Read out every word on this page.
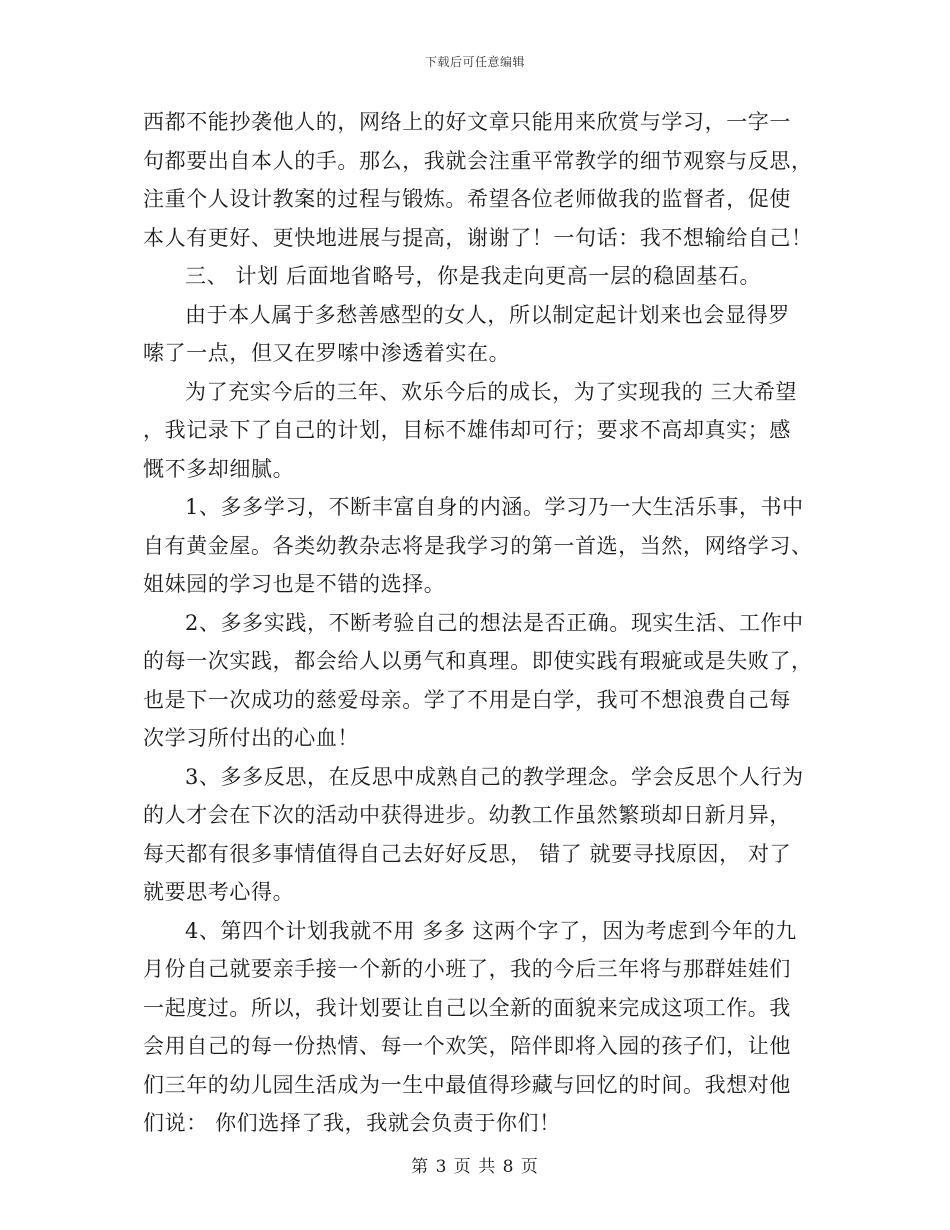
下载后可任意编辑
西都不能抄袭他人的，网络上的好文章只能用来欣赏与学习，一字一
句都要出自本人的手。那么，我就会注重平常教学的细节观察与反思，
注重个人设计教案的过程与锻炼。希望各位老师做我的监督者，促使
本人有更好、更快地进展与提高，谢谢了！一句话：我不想输给自己！
三、 计划 后面地省略号，你是我走向更高一层的稳固基石。
由于本人属于多愁善感型的女人，所以制定起计划来也会显得罗
嗦了一点，但又在罗嗦中渗透着实在。
为了充实今后的三年、欢乐今后的成长，为了实现我的 三大希望
，我记录下了自己的计划，目标不雄伟却可行；要求不高却真实；感
慨不多却细腻。
1、多多学习，不断丰富自身的内涵。学习乃一大生活乐事，书中
自有黄金屋。各类幼教杂志将是我学习的第一首选，当然，网络学习、
姐妹园的学习也是不错的选择。
2、多多实践，不断考验自己的想法是否正确。现实生活、工作中
的每一次实践，都会给人以勇气和真理。即使实践有瑕疵或是失败了，
也是下一次成功的慈爱母亲。学了不用是白学，我可不想浪费自己每
次学习所付出的心血！
3、多多反思，在反思中成熟自己的教学理念。学会反思个人行为
的人才会在下次的活动中获得进步。幼教工作虽然繁琐却日新月异，
每天都有很多事情值得自己去好好反思， 错了 就要寻找原因， 对了
就要思考心得。
4、第四个计划我就不用 多多 这两个字了，因为考虑到今年的九
月份自己就要亲手接一个新的小班了，我的今后三年将与那群娃娃们
一起度过。所以，我计划要让自己以全新的面貌来完成这项工作。我
会用自己的每一份热情、每一个欢笑，陪伴即将入园的孩子们，让他
们三年的幼儿园生活成为一生中最值得珍藏与回忆的时间。我想对他
们说： 你们选择了我，我就会负责于你们！
第 3 页 共 8 页
